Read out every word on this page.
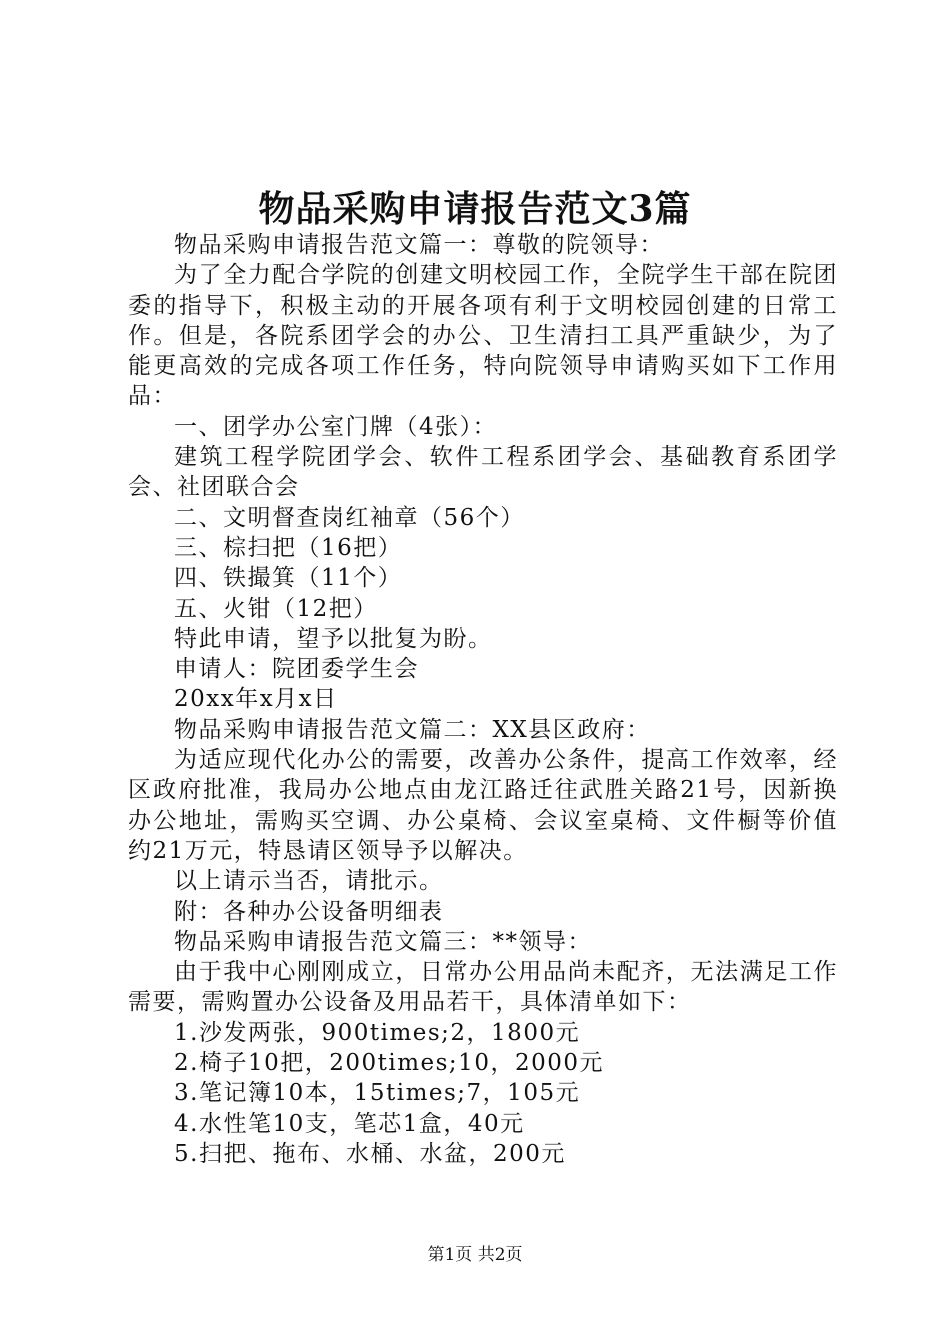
物品采购申请报告范文3篇

物品采购申请报告范文篇一：尊敬的院领导：

为了全力配合学院的创建文明校园工作，全院学生干部在院团委的指导下，积极主动的开展各项有利于文明校园创建的日常工作。但是，各院系团学会的办公、卫生清扫工具严重缺少，为了能更高效的完成各项工作任务，特向院领导申请购买如下工作用品：

一、团学办公室门牌（4张）：

建筑工程学院团学会、软件工程系团学会、基础教育系团学会、社团联合会

二、文明督查岗红袖章（56个）

三、棕扫把（16把）

四、铁撮箕（11个）

五、火钳（12把）

特此申请，望予以批复为盼。

申请人：院团委学生会

20xx年x月x日

物品采购申请报告范文篇二：XX县区政府：

为适应现代化办公的需要，改善办公条件，提高工作效率，经区政府批准，我局办公地点由龙江路迁往武胜关路21号，因新换办公地址，需购买空调、办公桌椅、会议室桌椅、文件橱等价值约21万元，特恳请区领导予以解决。

以上请示当否，请批示。

附：各种办公设备明细表

物品采购申请报告范文篇三：**领导：

由于我中心刚刚成立，日常办公用品尚未配齐，无法满足工作需要，需购置办公设备及用品若干，具体清单如下：

1.沙发两张，900times;2，1800元

2.椅子10把，200times;10，2000元

3.笔记簿10本，15times;7，105元

4.水性笔10支，笔芯1盒，40元

5.扫把、拖布、水桶、水盆，200元

第1页 共2页
